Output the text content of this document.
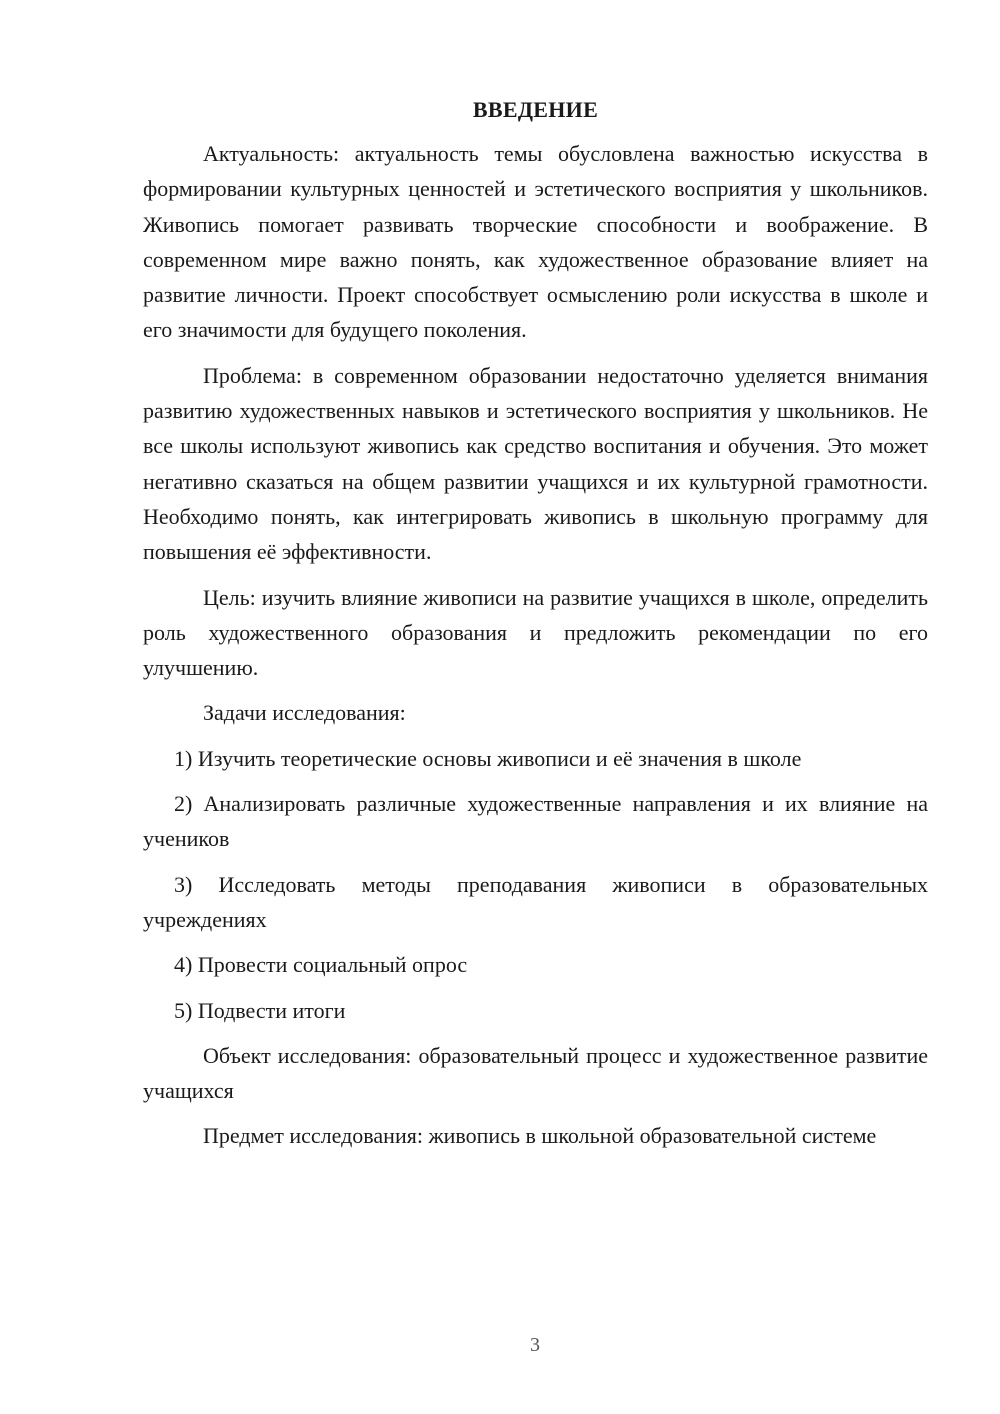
ВВЕДЕНИЕ

Актуальность: актуальность темы обусловлена важностью искусства в формировании культурных ценностей и эстетического восприятия у школьников. Живопись помогает развивать творческие способности и воображение. В современном мире важно понять, как художественное образование влияет на развитие личности. Проект способствует осмыслению роли искусства в школе и его значимости для будущего поколения.

Проблема: в современном образовании недостаточно уделяется внимания развитию художественных навыков и эстетического восприятия у школьников. Не все школы используют живопись как средство воспитания и обучения. Это может негативно сказаться на общем развитии учащихся и их культурной грамотности. Необходимо понять, как интегрировать живопись в школьную программу для повышения её эффективности.

Цель: изучить влияние живописи на развитие учащихся в школе, определить роль художественного образования и предложить рекомендации по его улучшению.

Задачи исследования:

1) Изучить теоретические основы живописи и её значения в школе

2) Анализировать различные художественные направления и их влияние на учеников

3) Исследовать методы преподавания живописи в образовательных учреждениях

4) Провести социальный опрос

5) Подвести итоги

Объект исследования: образовательный процесс и художественное развитие учащихся

Предмет исследования: живопись в школьной образовательной системе

3
